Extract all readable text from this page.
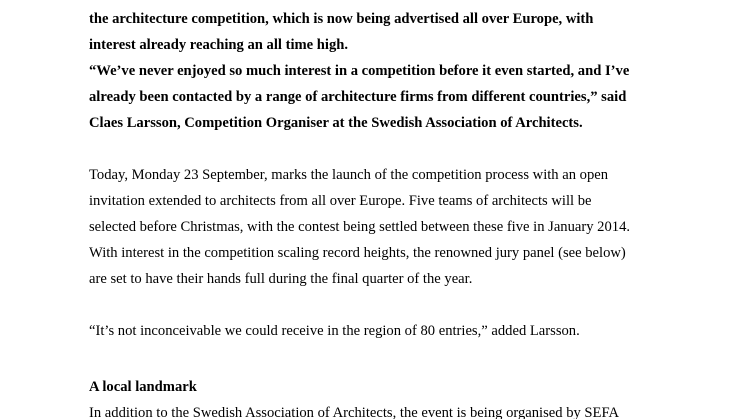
the architecture competition, which is now being advertised all over Europe, with
interest already reaching an all time high.
“We’ve never enjoyed so much interest in a competition before it even started, and I’ve
already been contacted by a range of architecture firms from different countries,” said
Claes Larsson, Competition Organiser at the Swedish Association of Architects.
Today, Monday 23 September, marks the launch of the competition process with an open
invitation extended to architects from all over Europe. Five teams of architects will be
selected before Christmas, with the contest being settled between these five in January 2014.
With interest in the competition scaling record heights, the renowned jury panel (see below)
are set to have their hands full during the final quarter of the year.
“It’s not inconceivable we could receive in the region of 80 entries,” added Larsson.
A local landmark
In addition to the Swedish Association of Architects, the event is being organised by SEFA
